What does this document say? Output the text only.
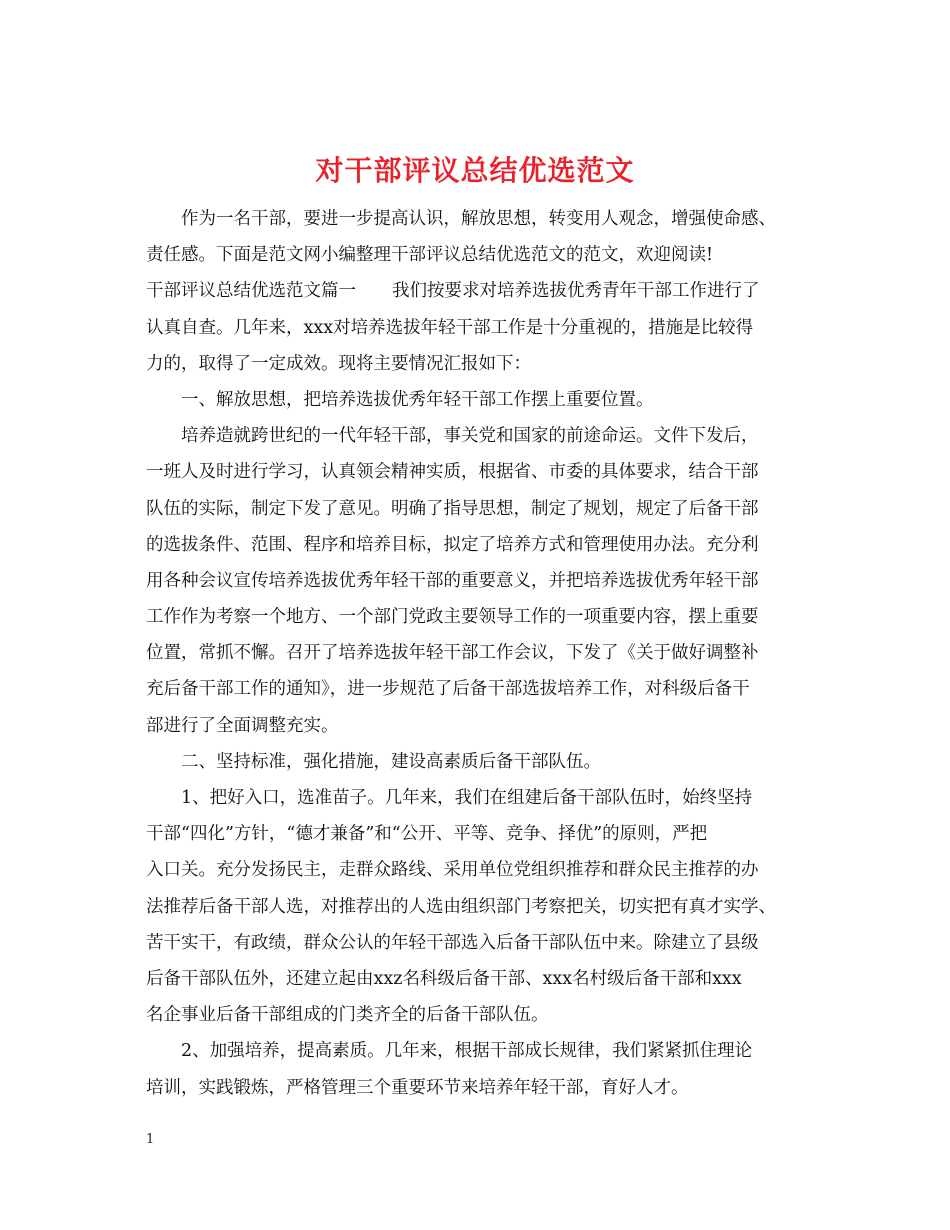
对干部评议总结优选范文
作为一名干部，要进一步提高认识，解放思想，转变用人观念，增强使命感、
责任感。下面是范文网小编整理干部评议总结优选范文的范文，欢迎阅读!
干部评议总结优选范文篇一 我们按要求对培养选拔优秀青年干部工作进行了
认真自查。几年来，xxx对培养选拔年轻干部工作是十分重视的，措施是比较得
力的，取得了一定成效。现将主要情况汇报如下：
一、解放思想，把培养选拔优秀年轻干部工作摆上重要位置。
培养造就跨世纪的一代年轻干部，事关党和国家的前途命运。文件下发后，
一班人及时进行学习，认真领会精神实质，根据省、市委的具体要求，结合干部
队伍的实际，制定下发了意见。明确了指导思想，制定了规划，规定了后备干部
的选拔条件、范围、程序和培养目标，拟定了培养方式和管理使用办法。充分利
用各种会议宣传培养选拔优秀年轻干部的重要意义，并把培养选拔优秀年轻干部
工作作为考察一个地方、一个部门党政主要领导工作的一项重要内容，摆上重要
位置，常抓不懈。召开了培养选拔年轻干部工作会议，下发了《关于做好调整补
充后备干部工作的通知》，进一步规范了后备干部选拔培养工作，对科级后备干
部进行了全面调整充实。
二、坚持标准，强化措施，建设高素质后备干部队伍。
1、把好入口，选准苗子。几年来，我们在组建后备干部队伍时，始终坚持
干部“四化”方针，“德才兼备”和“公开、平等、竞争、择优”的原则，严把
入口关。充分发扬民主，走群众路线、采用单位党组织推荐和群众民主推荐的办
法推荐后备干部人选，对推荐出的人选由组织部门考察把关，切实把有真才实学、
苦干实干，有政绩，群众公认的年轻干部选入后备干部队伍中来。除建立了县级
后备干部队伍外，还建立起由xxz名科级后备干部、xxx名村级后备干部和xxx
名企事业后备干部组成的门类齐全的后备干部队伍。
2、加强培养，提高素质。几年来，根据干部成长规律，我们紧紧抓住理论
培训，实践锻炼，严格管理三个重要环节来培养年轻干部，育好人才。
1
